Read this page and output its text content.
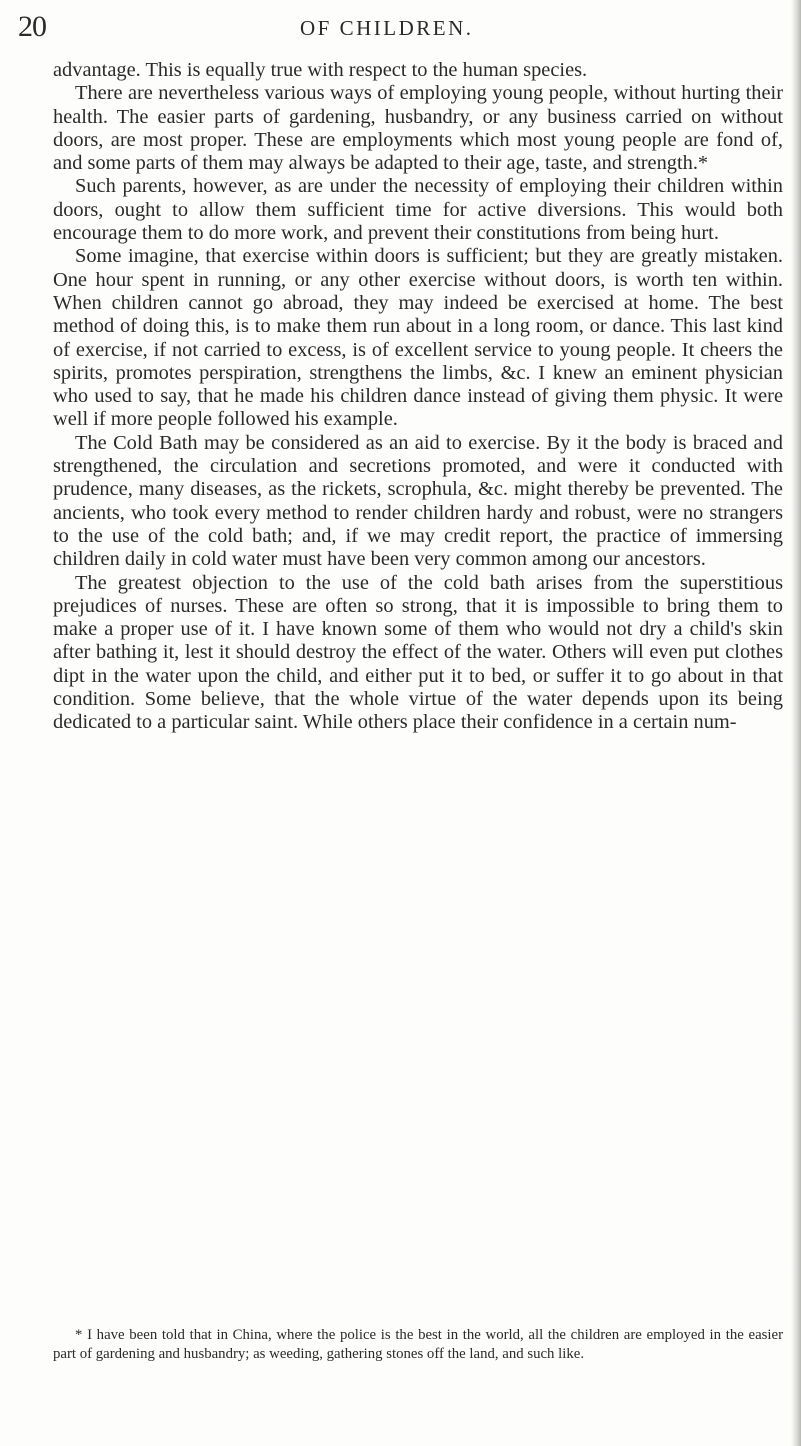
20	OF CHILDREN.

advantage. This is equally true with respect to the human species.

There are nevertheless various ways of employing young people, without hurting their health. The easier parts of gardening, husbandry, or any business carried on without doors, are most proper. These are employments which most young people are fond of, and some parts of them may always be adapted to their age, taste, and strength.*

Such parents, however, as are under the necessity of employing their children within doors, ought to allow them sufficient time for active diversions. This would both encourage them to do more work, and prevent their constitutions from being hurt.

Some imagine, that exercise within doors is sufficient; but they are greatly mistaken. One hour spent in running, or any other exercise without doors, is worth ten within. When children cannot go abroad, they may indeed be exercised at home. The best method of doing this, is to make them run about in a long room, or dance. This last kind of exercise, if not carried to excess, is of excellent service to young people. It cheers the spirits, promotes perspiration, strengthens the limbs, &c. I knew an eminent physician who used to say, that he made his children dance instead of giving them physic. It were well if more people followed his example.

The Cold Bath may be considered as an aid to exercise. By it the body is braced and strengthened, the circulation and secretions promoted, and were it conducted with prudence, many diseases, as the rickets, scrophula, &c. might thereby be prevented. The ancients, who took every method to render children hardy and robust, were no strangers to the use of the cold bath; and, if we may credit report, the practice of immersing children daily in cold water must have been very common among our ancestors.

The greatest objection to the use of the cold bath arises from the superstitious prejudices of nurses. These are often so strong, that it is impossible to bring them to make a proper use of it. I have known some of them who would not dry a child's skin after bathing it, lest it should destroy the effect of the water. Others will even put clothes dipt in the water upon the child, and either put it to bed, or suffer it to go about in that condition. Some believe, that the whole virtue of the water depends upon its being dedicated to a particular saint. While others place their confidence in a certain num-

* I have been told that in China, where the police is the best in the world, all the children are employed in the easier part of gardening and husbandry; as weeding, gathering stones off the land, and such like.
